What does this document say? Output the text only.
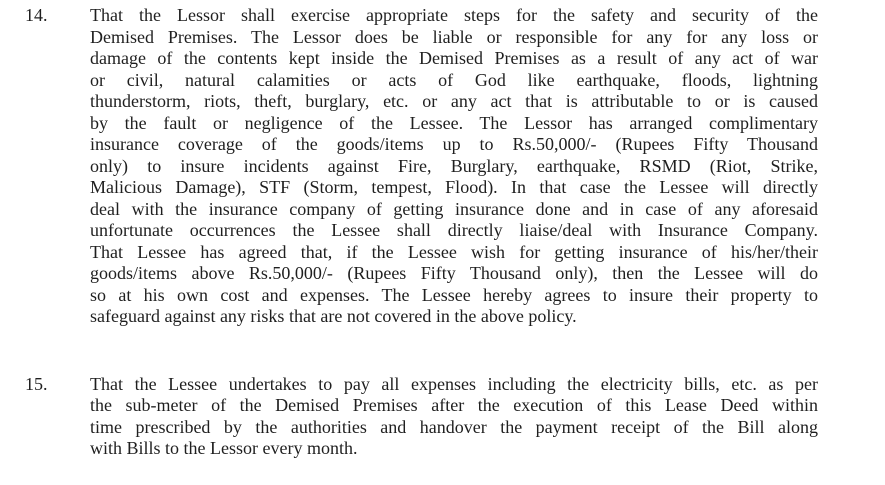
14.	That the Lessor shall exercise appropriate steps for the safety and security of the
Demised Premises. The Lessor does be liable or responsible for any for any loss or
damage of the contents kept inside the Demised Premises as a result of any act of war
or civil, natural calamities or acts of God like earthquake, floods, lightning
thunderstorm, riots, theft, burglary, etc. or any act that is attributable to or is caused
by the fault or negligence of the Lessee. The Lessor has arranged complimentary
insurance coverage of the goods/items up to Rs.50,000/- (Rupees Fifty Thousand
only) to insure incidents against Fire, Burglary, earthquake, RSMD (Riot, Strike,
Malicious Damage), STF (Storm, tempest, Flood). In that case the Lessee will directly
deal with the insurance company of getting insurance done and in case of any aforesaid
unfortunate occurrences the Lessee shall directly liaise/deal with Insurance Company.
That Lessee has agreed that, if the Lessee wish for getting insurance of his/her/their
goods/items above Rs.50,000/- (Rupees Fifty Thousand only), then the Lessee will do
so at his own cost and expenses. The Lessee hereby agrees to insure their property to
safeguard against any risks that are not covered in the above policy.
15.	That the Lessee undertakes to pay all expenses including the electricity bills, etc. as per
the sub-meter of the Demised Premises after the execution of this Lease Deed within
time prescribed by the authorities and handover the payment receipt of the Bill along
with Bills to the Lessor every month.
